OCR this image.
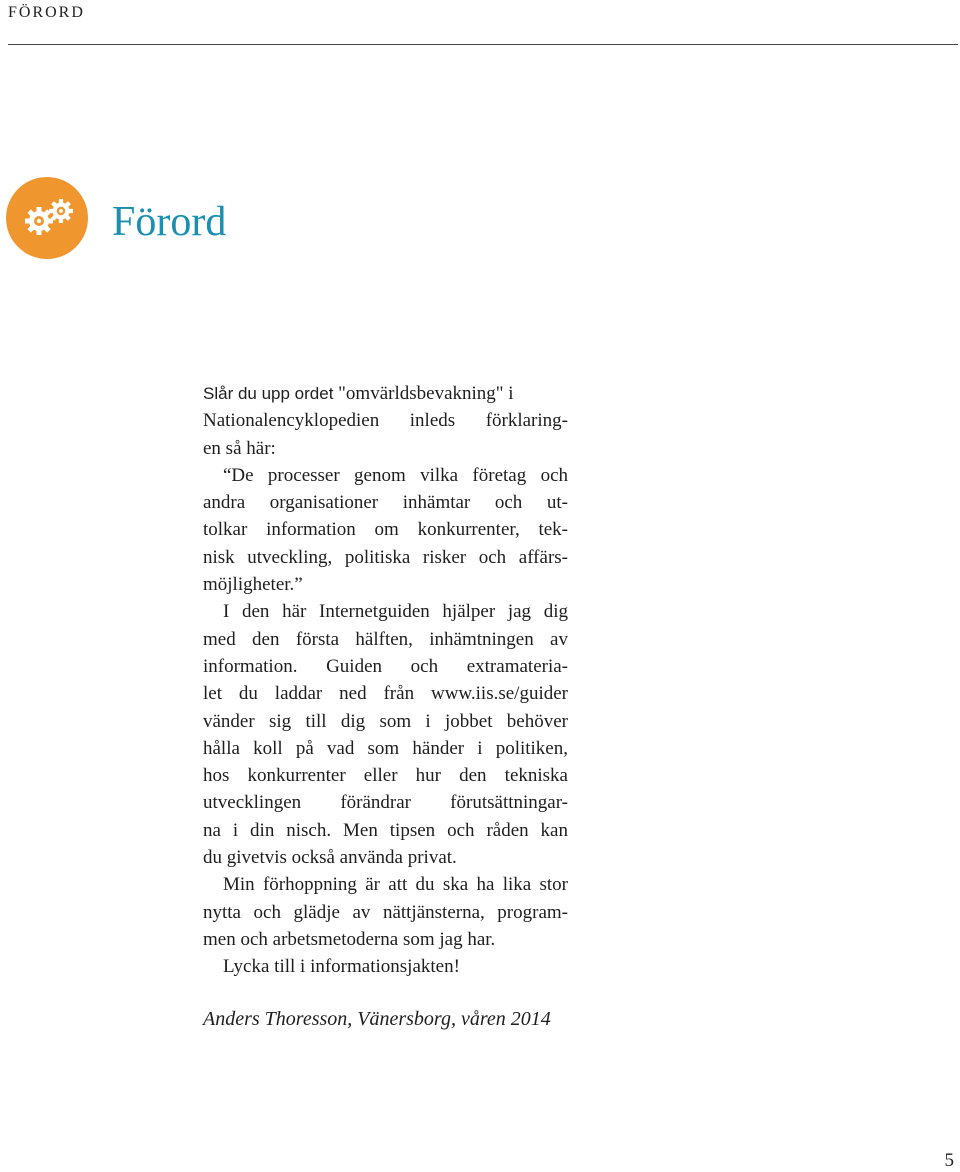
FÖRORD
Förord
Slår du upp ordet "omvärldsbevakning" i
Nationalencyklopedien inleds förklaring-
en så här:
“De processer genom vilka företag och
andra organisationer inhämtar och ut-
tolkar information om konkurrenter, tek-
nisk utveckling, politiska risker och affärs-
möjligheter.”
I den här Internetguiden hjälper jag dig
med den första hälften, inhämtningen av
information. Guiden och extramateria-
let du laddar ned från www.iis.se/guider
vänder sig till dig som i jobbet behöver
hålla koll på vad som händer i politiken,
hos konkurrenter eller hur den tekniska
utvecklingen förändrar förutsättningar-
na i din nisch. Men tipsen och råden kan
du givetvis också använda privat.
Min förhoppning är att du ska ha lika stor
nytta och glädje av nättjänsterna, program-
men och arbetsmetoderna som jag har.
Lycka till i informationsjakten!
Anders Thoresson, Vänersborg, våren 2014
5
